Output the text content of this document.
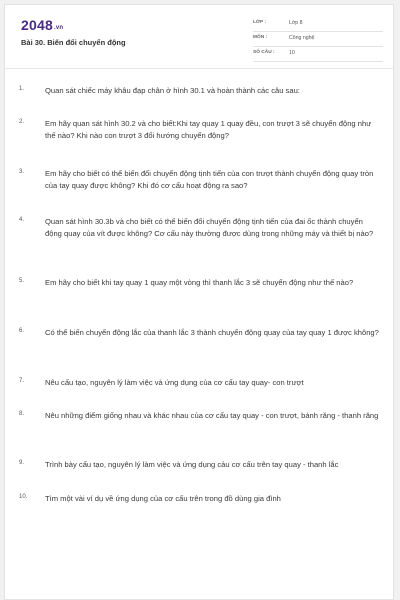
2048.vn
Bài 30. Biến đổi chuyển động
LỚP :	Lớp 8
MÔN :	Công nghệ
SỐ CÂU :	10
1.	Quan sát chiếc máy khâu đạp chân ở hình 30.1 và hoàn thành các câu sau:
2.	Em hãy quan sát hình 30.2 và cho biết:Khi tay quay 1 quay đều, con trượt 3 sẽ chuyển động như thế nào? Khi nào con trượt 3 đổi hướng chuyển động?
3.	Em hãy cho biết có thể biến đổi chuyển động tịnh tiến của con trượt thành chuyển động quay tròn của tay quay được không? Khi đó cơ cấu hoạt động ra sao?
4.	Quan sát hình 30.3b và cho biết có thể biến đổi chuyển động tịnh tiến của đai ốc thành chuyển động quay của vít được không? Cơ cấu này thường được dùng trong những máy và thiết bị nào?
5.	Em hãy cho biết khi tay quay 1 quay một vòng thì thanh lắc 3 sẽ chuyển động như thế nào?
6.	Có thể biến chuyển động lắc của thanh lắc 3 thành chuyển động quay của tay quay 1 được không?
7.	Nêu cấu tạo, nguyên lý làm việc và ứng dụng của cơ cấu tay quay- con trượt
8.	Nêu những điểm giống nhau và khác nhau của cơ cấu tay quay - con trượt, bánh răng - thanh răng
9.	Trình bày cấu tạo, nguyên lý làm việc và ứng dụng cảu cơ cấu trên tay quay - thanh lắc
10. Tìm một vài ví dụ về ứng dụng của cơ cấu trên trong đồ dùng gia đình
